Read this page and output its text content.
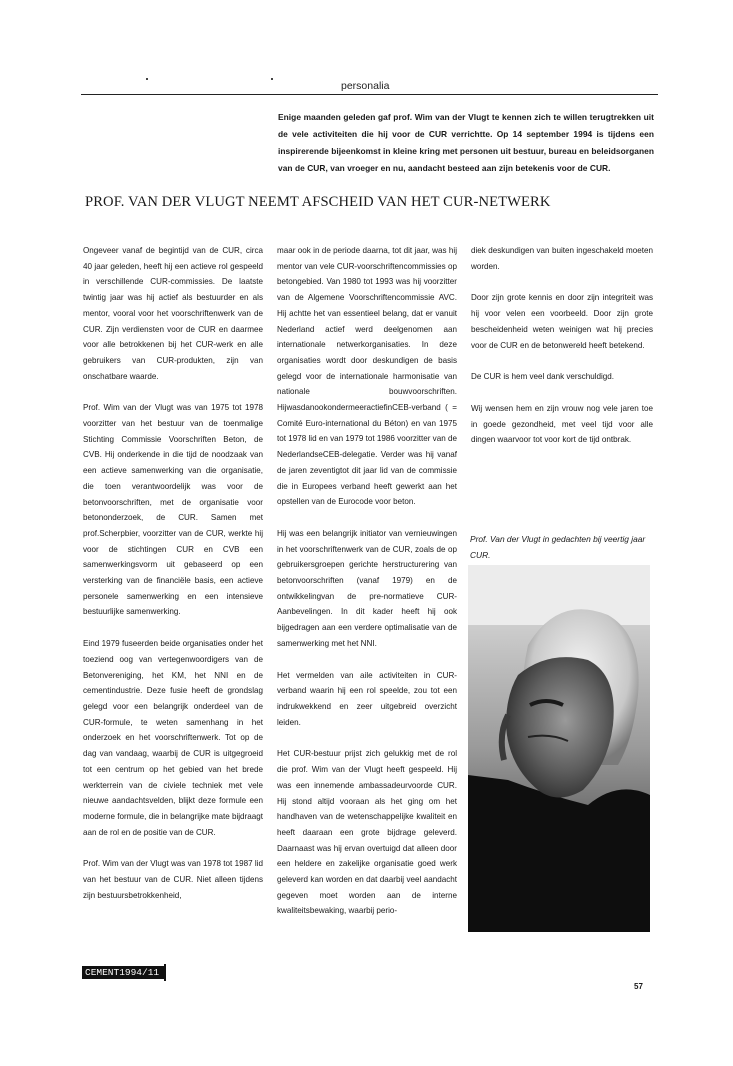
personalia

Enige maanden geleden gaf prof. Wim van der Vlugt te kennen zich te willen terugtrekken uit de vele activiteiten die hij voor de CUR verrichtte. Op 14 september 1994 is tijdens een inspirerende bijeenkomst in kleine kring met personen uit bestuur, bureau en beleidsorganen van de CUR, van vroeger en nu, aandacht besteed aan zijn betekenis voor de CUR.

PROF. VAN DER VLUGT NEEMT AFSCHEID VAN HET CUR-NETWERK

Ongeveer vanaf de begintijd van de CUR, circa 40 jaar geleden, heeft hij een actieve rol gespeeld in verschillende CUR-commissies. De laatste twintig jaar was hij actief als bestuurder en als mentor, vooral voor het voorschriftenwerk van de CUR. Zijn verdiensten voor de CUR en daarmee voor alle betrokkenen bij het CUR-werk en alle gebruikers van CUR-produkten, zijn van onschatbare waarde.

Prof. Wim van der Vlugt was van 1975 tot 1978 voorzitter van het bestuur van de toenmalige Stichting Commissie Voorschriften Beton, de CVB. Hij onderkende in die tijd de noodzaak van een actieve samenwerking van die organisatie, die toen verantwoordelijk was voor de betonvoorschriften, met de organisatie voor betononderzoek, de CUR. Samen met prof.Scherpbier, voorzitter van de CUR, werkte hij voor de stichtingen CUR en CVB een samenwerkingsvorm uit gebaseerd op een versterking van de financiële basis, een actieve personele samenwerking en een intensieve bestuurlijke samenwerking.

Eind 1979 fuseerden beide organisaties onder het toeziend oog van vertegenwoordigers van de Betonvereniging, het KM, het NNI en de cementindustrie. Deze fusie heeft de grondslag gelegd voor een belangrijk onderdeel van de CUR-formule, te weten samenhang in het onderzoek en het voorschriftenwerk. Tot op de dag van vandaag, waarbij de CUR is uitgegroeid tot een centrum op het gebied van het brede werkterrein van de civiele techniek met vele nieuwe aandachtsvelden, blijkt deze formule een moderne formule, die in belangrijke mate bijdraagt aan de rol en de positie van de CUR.

Prof. Wim van der Vlugt was van 1978 tot 1987 lid van het bestuur van de CUR. Niet alleen tijdens zijn bestuursbetrokkenheid,

maar ook in de periode daarna, tot dit jaar, was hij mentor van vele CUR-voorschriftencommissies op betongebied. Van 1980 tot 1993 was hij voorzitter van de Algemene Voorschriftencommissie AVC. Hij achtte het van essentieel belang, dat er vanuit Nederland actief werd deelgenomen aan internationale netwerkorganisaties. In deze organisaties wordt door deskundigen de basis gelegd voor de internationale harmonisatie van nationale bouwvoorschriften. HijwasdanookondermeeractiefinCEB-verband ( = Comité Euro-international du Béton) en van 1975 tot 1978 lid en van 1979 tot 1986 voorzitter van de NederlandseCEB-delegatie. Verder was hij vanaf de jaren zeventigtot dit jaar lid van de commissie die in Europees verband heeft gewerkt aan het opstellen van de Eurocode voor beton.

Hij was een belangrijk initiator van vernieuwingen in het voorschriftenwerk van de CUR, zoals de op gebruikersgroepen gerichte herstructurering van betonvoorschriften (vanaf 1979) en de ontwikkelingvan de pre-normatieve CUR-Aanbevelingen. In dit kader heeft hij ook bijgedragen aan een verdere optimalisatie van de samenwerking met het NNI.

Het vermelden van aile activiteiten in CUR-verband waarin hij een rol speelde, zou tot een indrukwekkend en zeer uitgebreid overzicht leiden.

Het CUR-bestuur prijst zich gelukkig met de rol die prof. Wim van der Vlugt heeft gespeeld. Hij was een innemende ambassadeurvoorde CUR. Hij stond altijd vooraan als het ging om het handhaven van de wetenschappelijke kwaliteit en heeft daaraan een grote bijdrage geleverd. Daarnaast was hij ervan overtuigd dat alleen door een heldere en zakelijke organisatie goed werk geleverd kan worden en dat daarbij veel aandacht gegeven moet worden aan de interne kwaliteitsbewaking, waarbij perio-

diek deskundigen van buiten ingeschakeld moeten worden.

Door zijn grote kennis en door zijn integriteit was hij voor velen een voorbeeld. Door zijn grote bescheidenheid weten weinigen wat hij precies voor de CUR en de betonwereld heeft betekend.

De CUR is hem veel dank verschuldigd.

Wij wensen hem en zijn vrouw nog vele jaren toe in goede gezondheid, met veel tijd voor alle dingen waarvoor tot voor kort de tijd ontbrak.

Prof. Van der Vlugt in gedachten bij veertig jaar CUR.

CEMENT1994/11
57
